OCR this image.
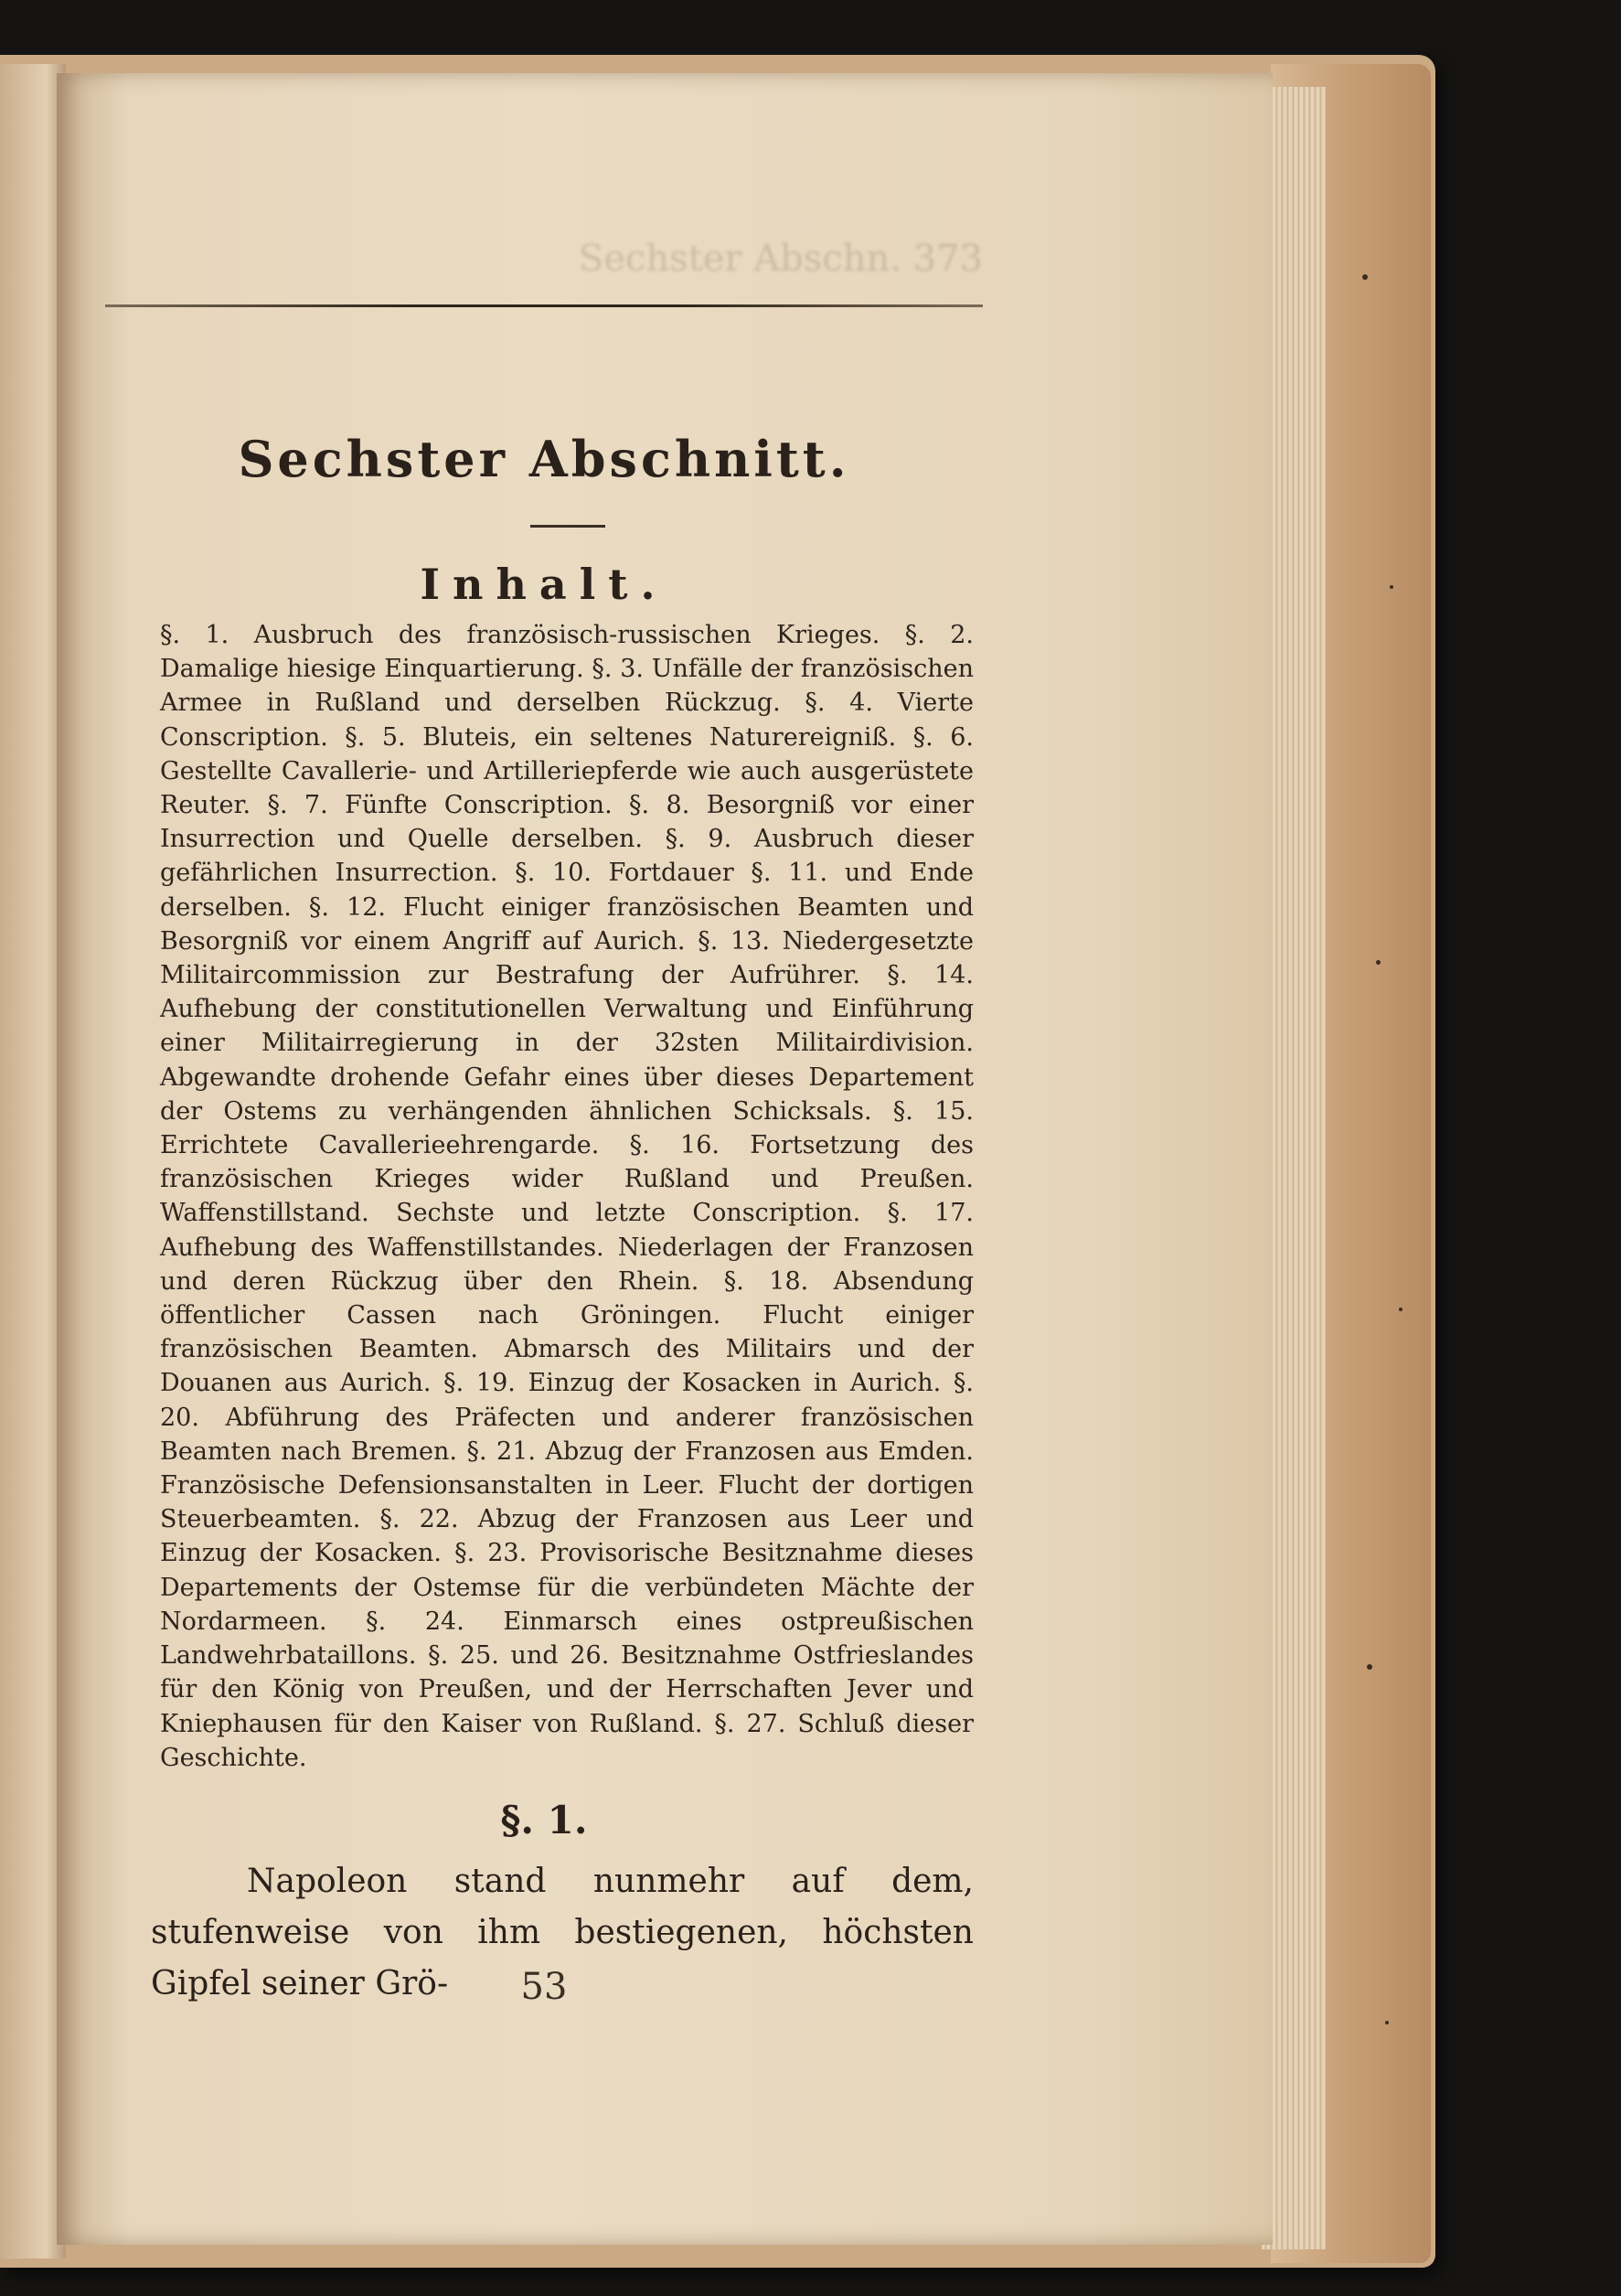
Sechster Abschn. 373
Sechster Abschnitt.
Inhalt.
§. 1. Ausbruch des französisch-russischen Krieges. §. 2. Damalige hiesige Einquartierung. §. 3. Unfälle der französischen Armee in Rußland und derselben Rückzug. §. 4. Vierte Conscription. §. 5. Bluteis, ein seltenes Naturereigniß. §. 6. Gestellte Cavallerie- und Artilleriepferde wie auch ausgerüstete Reuter. §. 7. Fünfte Conscription. §. 8. Besorgniß vor einer Insurrection und Quelle derselben. §. 9. Ausbruch dieser gefährlichen Insurrection. §. 10. Fortdauer §. 11. und Ende derselben. §. 12. Flucht einiger französischen Beamten und Besorgniß vor einem Angriff auf Aurich. §. 13. Niedergesetzte Militaircommission zur Bestrafung der Aufrührer. §. 14. Aufhebung der constitutionellen Verwaltung und Einführung einer Militairregierung in der 32sten Militairdivision. Abgewandte drohende Gefahr eines über dieses Departement der Ostems zu verhängenden ähnlichen Schicksals. §. 15. Errichtete Cavallerieehrengarde. §. 16. Fortsetzung des französischen Krieges wider Rußland und Preußen. Waffenstillstand. Sechste und letzte Conscription. §. 17. Aufhebung des Waffenstillstandes. Niederlagen der Franzosen und deren Rückzug über den Rhein. §. 18. Absendung öffentlicher Cassen nach Gröningen. Flucht einiger französischen Beamten. Abmarsch des Militairs und der Douanen aus Aurich. §. 19. Einzug der Kosacken in Aurich. §. 20. Abführung des Präfecten und anderer französischen Beamten nach Bremen. §. 21. Abzug der Franzosen aus Emden. Französische Defensionsanstalten in Leer. Flucht der dortigen Steuerbeamten. §. 22. Abzug der Franzosen aus Leer und Einzug der Kosacken. §. 23. Provisorische Besitznahme dieses Departements der Ostemse für die verbündeten Mächte der Nordarmeen. §. 24. Einmarsch eines ostpreußischen Landwehrbataillons. §. 25. und 26. Besitznahme Ostfrieslandes für den König von Preußen, und der Herrschaften Jever und Kniephausen für den Kaiser von Rußland. §. 27. Schluß dieser Geschichte.
§. 1.
Napoleon stand nunmehr auf dem, stufenweise von ihm bestiegenen, höchsten Gipfel seiner Grö-	53
